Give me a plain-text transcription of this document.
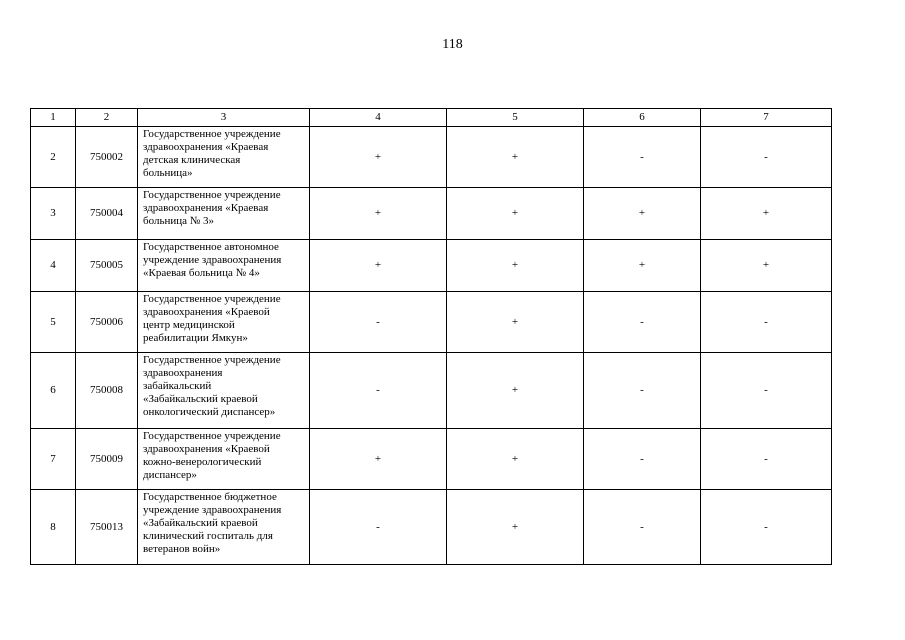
118
1	2	3	4	5	6	7
2	750002	Государственное учреждение
здравоохранения «Краевая
детская клиническая
больница»	+	+	-	-
3	750004	Государственное учреждение
здравоохранения «Краевая
больница № 3»	+	+	+	+
4	750005	Государственное автономное
учреждение здравоохранения
«Краевая больница № 4»	+	+	+	+
5	750006	Государственное учреждение
здравоохранения «Краевой
центр медицинской
реабилитации Ямкун»	-	+	-	-
6	750008	Государственное учреждение
здравоохранения
забайкальский
«Забайкальский краевой
онкологический диспансер»	-	+	-	-
7	750009	Государственное учреждение
здравоохранения «Краевой
кожно-венерологический
диспансер»	+	+	-	-
8	750013	Государственное бюджетное
учреждение здравоохранения
«Забайкальский краевой
клинический госпиталь для
ветеранов войн»	-	+	-	-
